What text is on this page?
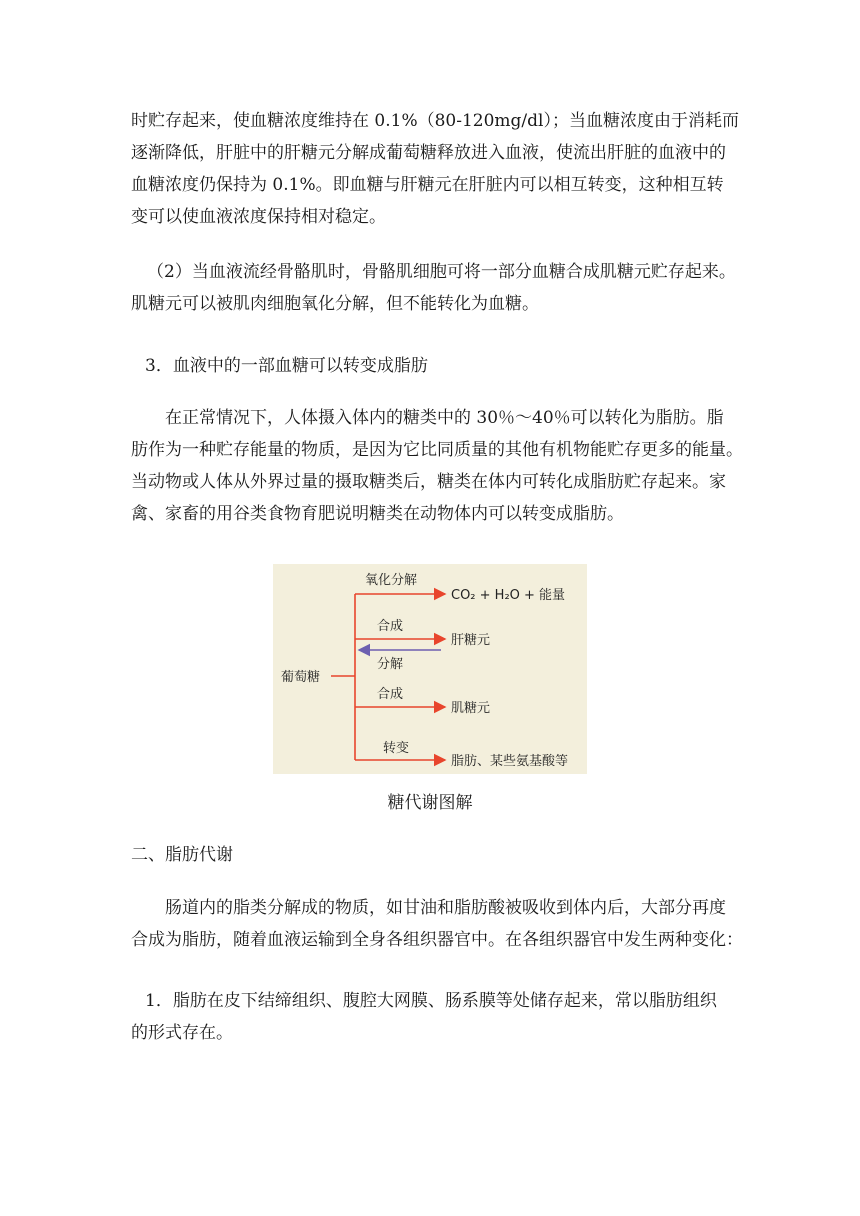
时贮存起来，使血糖浓度维持在 0.1%（80-120mg/dl）；当血糖浓度由于消耗而
逐渐降低，肝脏中的肝糖元分解成葡萄糖释放进入血液，使流出肝脏的血液中的
血糖浓度仍保持为 0.1%。即血糖与肝糖元在肝脏内可以相互转变，这种相互转
变可以使血液浓度保持相对稳定。

（2）当血液流经骨骼肌时，骨骼肌细胞可将一部分血糖合成肌糖元贮存起来。
肌糖元可以被肌肉细胞氧化分解，但不能转化为血糖。

3．血液中的一部血糖可以转变成脂肪

在正常情况下，人体摄入体内的糖类中的 30％～40％可以转化为脂肪。脂
肪作为一种贮存能量的物质，是因为它比同质量的其他有机物能贮存更多的能量。
当动物或人体从外界过量的摄取糖类后，糖类在体内可转化成脂肪贮存起来。家
禽、家畜的用谷类食物育肥说明糖类在动物体内可以转变成脂肪。

葡萄糖
氧化分解
CO₂ + H₂O + 能量
合成
肝糖元
分解
合成
肌糖元
转变
脂肪、某些氨基酸等
糖代谢图解

二、脂肪代谢

肠道内的脂类分解成的物质，如甘油和脂肪酸被吸收到体内后，大部分再度
合成为脂肪，随着血液运输到全身各组织器官中。在各组织器官中发生两种变化：

1．脂肪在皮下结缔组织、腹腔大网膜、肠系膜等处储存起来，常以脂肪组织
的形式存在。
